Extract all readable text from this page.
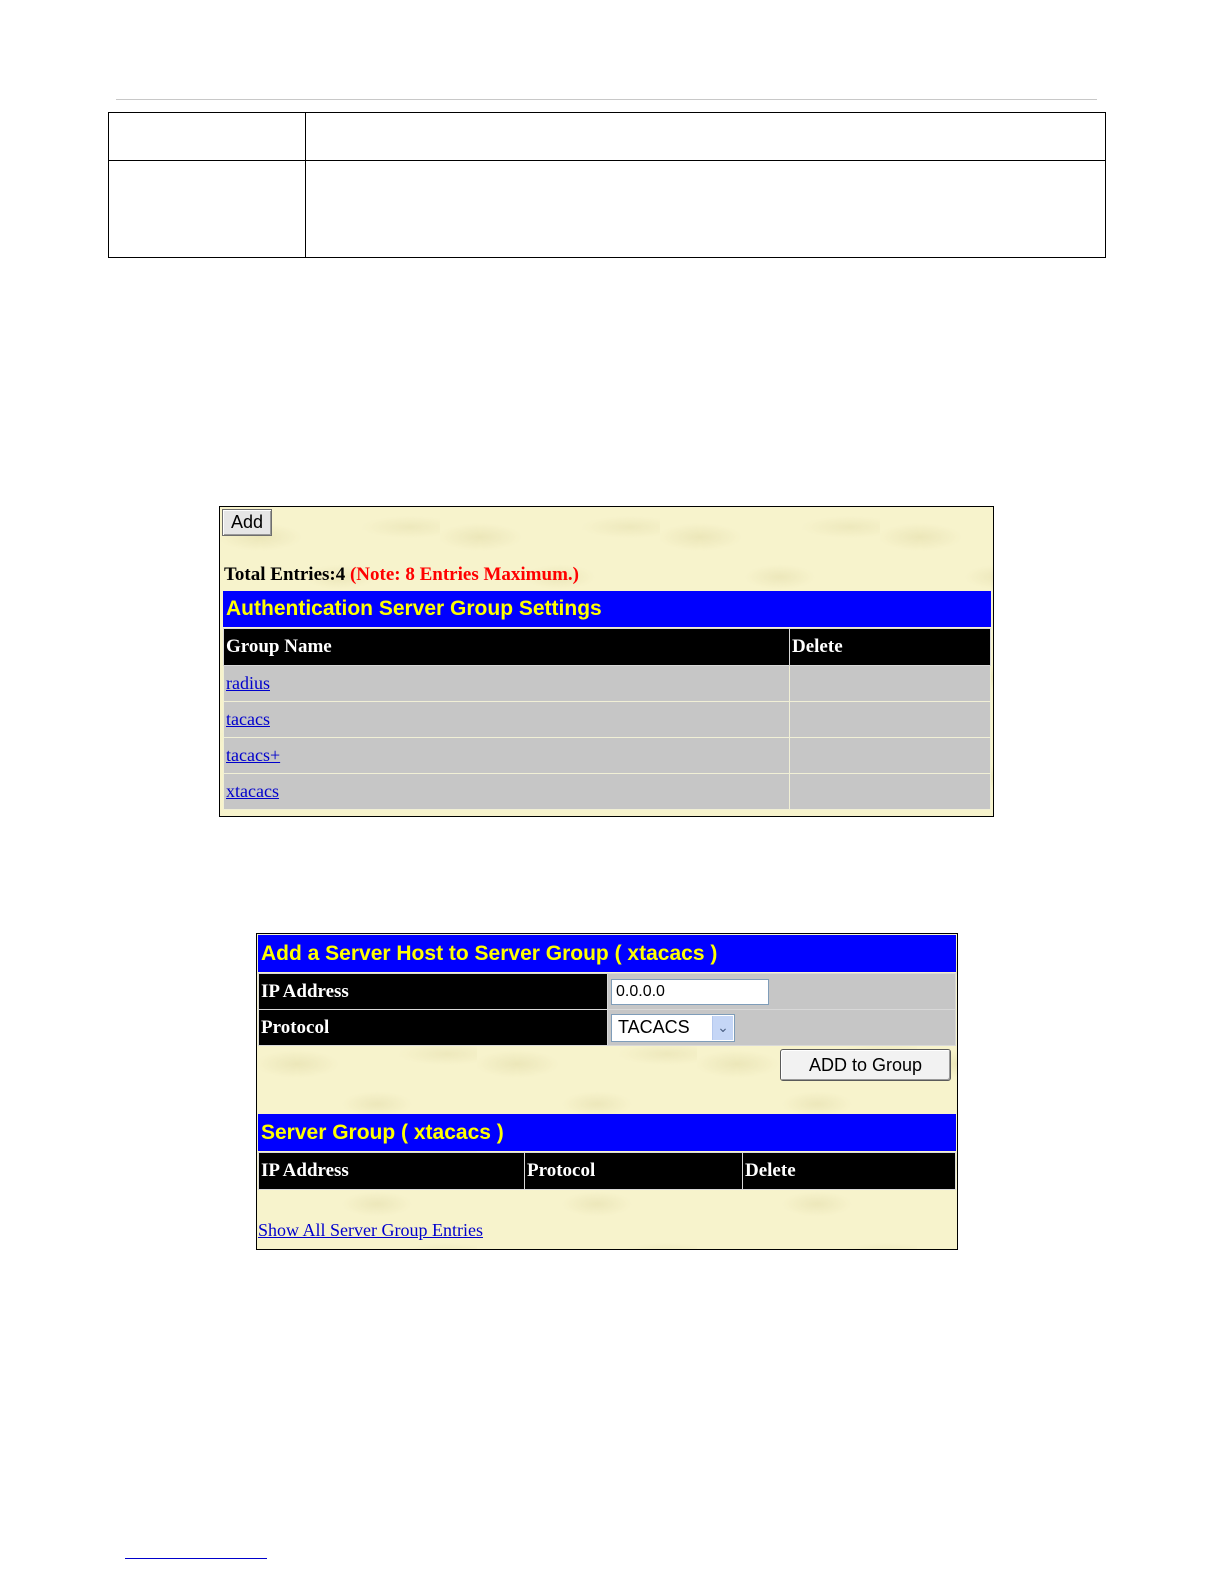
Add
Total Entries:4 (Note: 8 Entries Maximum.)
Authentication Server Group Settings
Group Name	Delete
radius	
tacacs	
tacacs+	
xtacacs	
Add a Server Host to Server Group ( xtacacs )
IP Address	0.0.0.0
Protocol	TACACS ⌄
ADD to Group
Server Group ( xtacacs )
IP Address	Protocol	Delete
Show All Server Group Entries
